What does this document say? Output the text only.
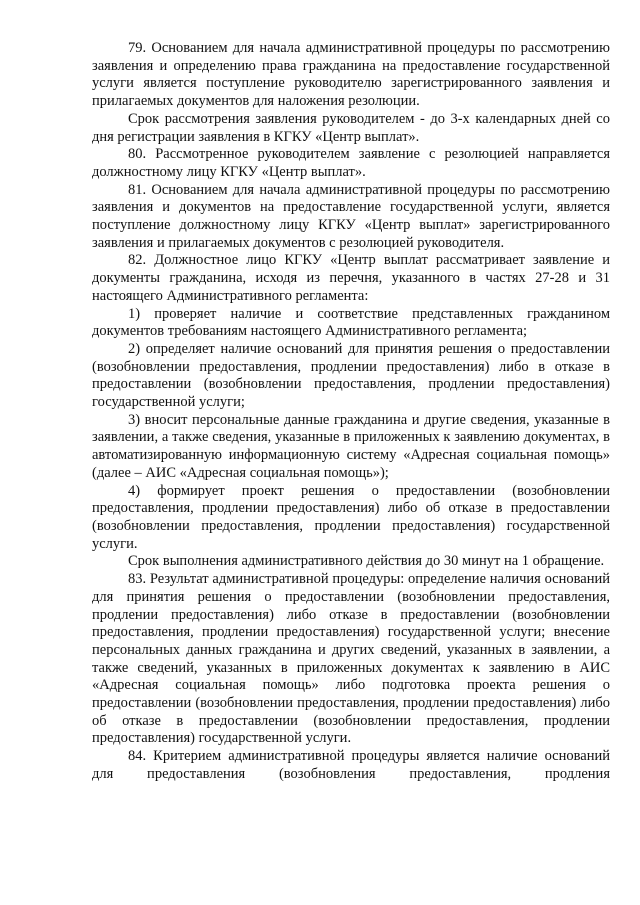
79. Основанием для начала административной процедуры по рассмотрению заявления и определению права гражданина на предоставление государственной услуги является поступление руководителю зарегистрированного заявления и прилагаемых документов для наложения резолюции.

Срок рассмотрения заявления руководителем - до 3-х календарных дней со дня регистрации заявления в КГКУ «Центр выплат».

80. Рассмотренное руководителем заявление с резолюцией направляется должностному лицу КГКУ «Центр выплат».

81. Основанием для начала административной процедуры по рассмотрению заявления и документов на предоставление государственной услуги, является поступление должностному лицу КГКУ «Центр выплат» зарегистрированного заявления и прилагаемых документов с резолюцией руководителя.

82. Должностное лицо КГКУ «Центр выплат рассматривает заявление и документы гражданина, исходя из перечня, указанного в частях 27-28 и 31 настоящего Административного регламента:

1) проверяет наличие и соответствие представленных гражданином документов требованиям настоящего Административного регламента;

2) определяет наличие оснований для принятия решения о предоставлении (возобновлении предоставления, продлении предоставления) либо в отказе в предоставлении (возобновлении предоставления, продлении предоставления) государственной услуги;

3) вносит персональные данные гражданина и другие сведения, указанные в заявлении, а также сведения, указанные в приложенных к заявлению документах, в автоматизированную информационную систему «Адресная социальная помощь» (далее – АИС «Адресная социальная помощь»);

4) формирует проект решения о предоставлении (возобновлении предоставления, продлении предоставления) либо об отказе в предоставлении (возобновлении предоставления, продлении предоставления) государственной услуги.

Срок выполнения административного действия до 30 минут на 1 обращение.

83. Результат административной процедуры: определение наличия оснований для принятия решения о предоставлении (возобновлении предоставления, продлении предоставления) либо отказе в предоставлении (возобновлении предоставления, продлении предоставления) государственной услуги; внесение персональных данных гражданина и других сведений, указанных в заявлении, а также сведений, указанных в приложенных документах к заявлению в АИС «Адресная социальная помощь» либо подготовка проекта решения о предоставлении (возобновлении предоставления, продлении предоставления) либо об отказе в предоставлении (возобновлении предоставления, продлении предоставления) государственной услуги.

84. Критерием административной процедуры является наличие оснований для предоставления (возобновления предоставления, продления
